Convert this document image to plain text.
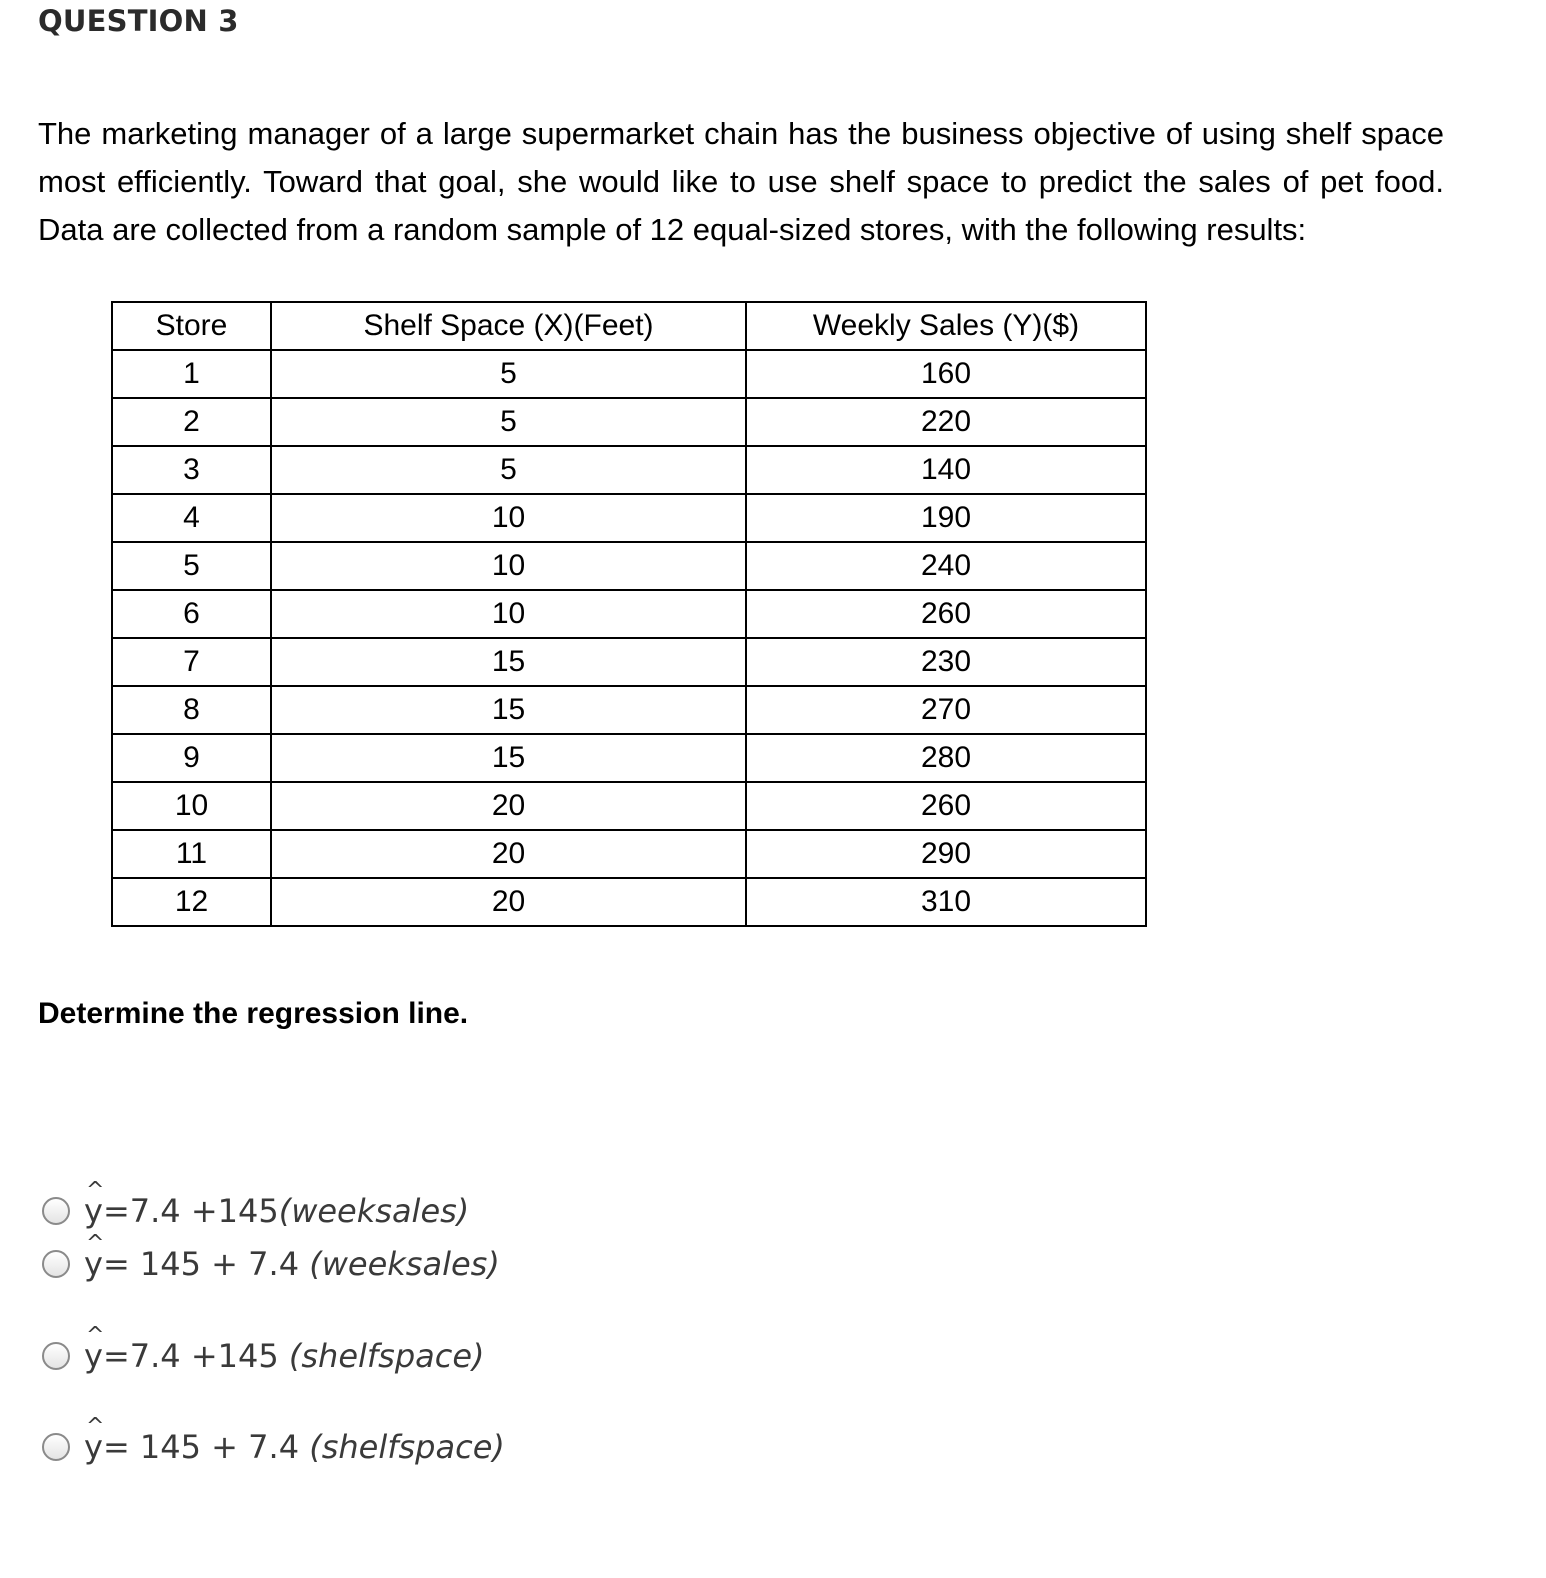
QUESTION 3

The marketing manager of a large supermarket chain has the business objective of using shelf space most efficiently. Toward that goal, she would like to use shelf space to predict the sales of pet food. Data are collected from a random sample of 12 equal-sized stores, with the following results:

Store	Shelf Space (X)(Feet)	Weekly Sales (Y)($)
1	5	160
2	5	220
3	5	140
4	10	190
5	10	240
6	10	260
7	15	230
8	15	270
9	15	280
10	20	260
11	20	290
12	20	310
Determine the regression line.
^ y=7.4 +145(weeksales)
^ y= 145 + 7.4 (weeksales)
^ y=7.4 +145 (shelfspace)
^ y= 145 + 7.4 (shelfspace)
